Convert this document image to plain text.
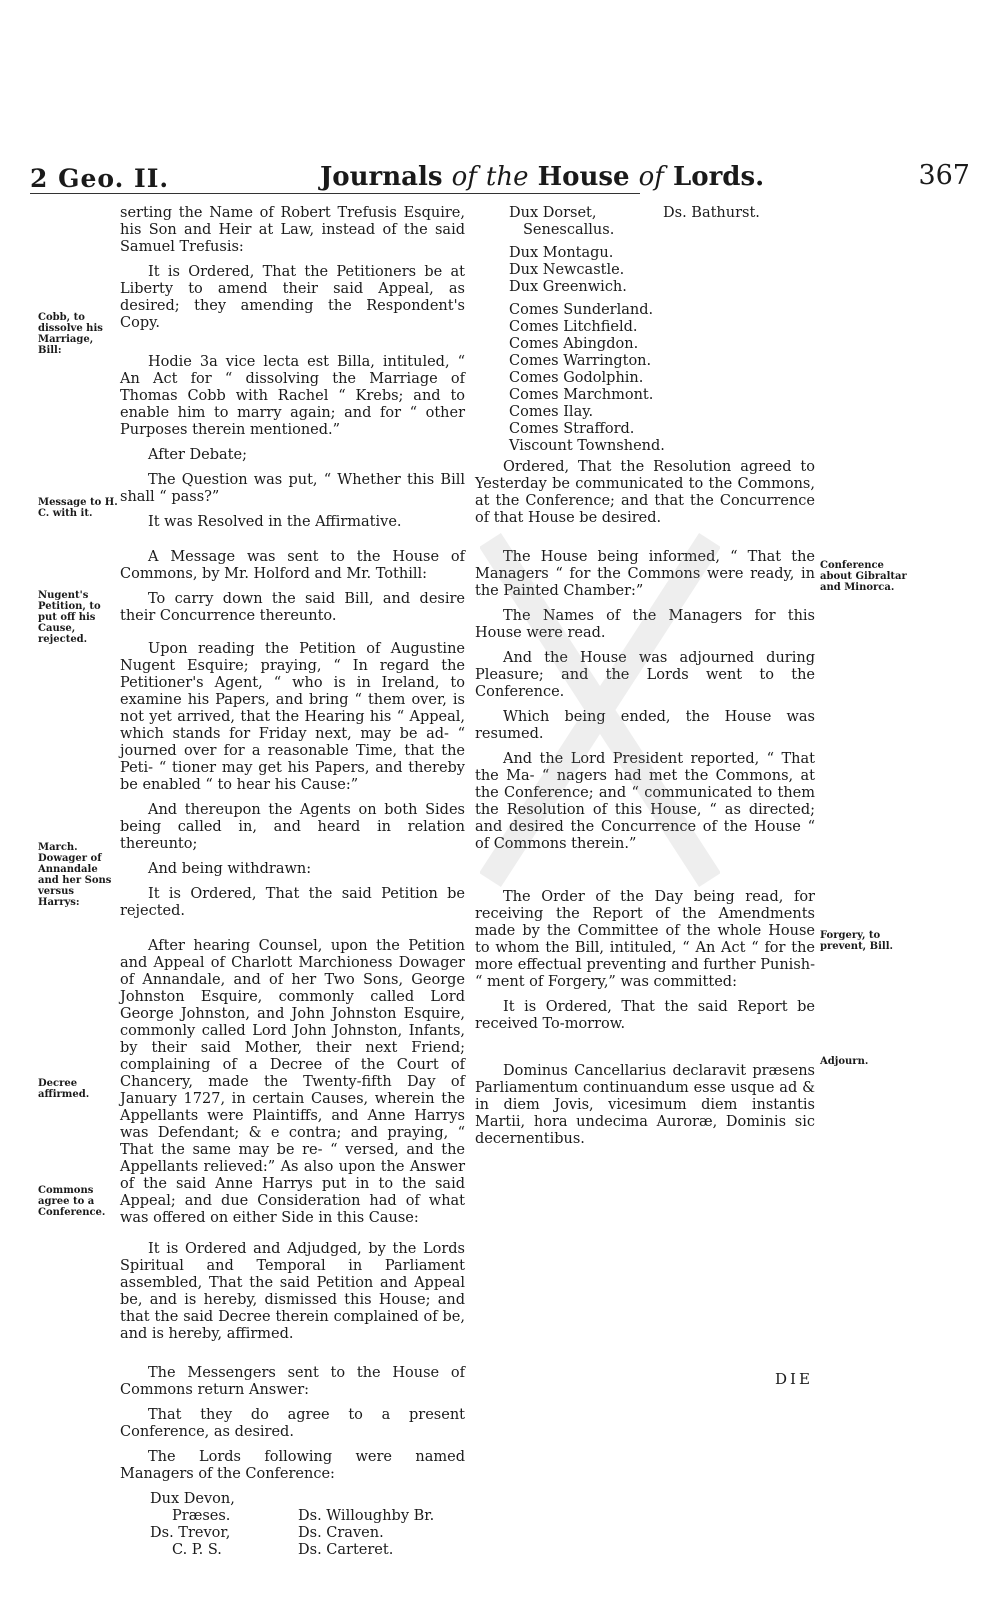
2 Geo. II.	Journals of the House of Lords.	367
Cobb, to dissolve his Marriage, Bill:
Message to H. C. with it.
Nugent's Petition, to put off his Cause, rejected.
March. Dowager of Annandale and her Sons versus Harrys:
Decree affirmed.
Commons agree to a Conference.
Conference about Gibraltar and Minorca.
Forgery, to prevent, Bill.
Adjourn.

serting the Name of Robert Trefusis Esquire, his Son and Heir at Law, instead of the said Samuel Trefusis:

It is Ordered, That the Petitioners be at Liberty to amend their said Appeal, as desired; they amending the Respondent's Copy.

Hodie 3a vice lecta est Billa, intituled, “ An Act for “ dissolving the Marriage of Thomas Cobb with Rachel “ Krebs; and to enable him to marry again; and for “ other Purposes therein mentioned.”

After Debate;

The Question was put, “ Whether this Bill shall “ pass?”

It was Resolved in the Affirmative.

A Message was sent to the House of Commons, by Mr. Holford and Mr. Tothill:

To carry down the said Bill, and desire their Concurrence thereunto.

Upon reading the Petition of Augustine Nugent Esquire; praying, “ In regard the Petitioner's Agent, “ who is in Ireland, to examine his Papers, and bring “ them over, is not yet arrived, that the Hearing his “ Appeal, which stands for Friday next, may be ad- “ journed over for a reasonable Time, that the Peti- “ tioner may get his Papers, and thereby be enabled “ to hear his Cause:”

And thereupon the Agents on both Sides being called in, and heard in relation thereunto;

And being withdrawn:

It is Ordered, That the said Petition be rejected.

After hearing Counsel, upon the Petition and Appeal of Charlott Marchioness Dowager of Annandale, and of her Two Sons, George Johnston Esquire, commonly called Lord George Johnston, and John Johnston Esquire, commonly called Lord John Johnston, Infants, by their said Mother, their next Friend; complaining of a Decree of the Court of Chancery, made the Twenty-fifth Day of January 1727, in certain Causes, wherein the Appellants were Plaintiffs, and Anne Harrys was Defendant; & e contra; and praying, “ That the same may be re- “ versed, and the Appellants relieved:” As also upon the Answer of the said Anne Harrys put in to the said Appeal; and due Consideration had of what was offered on either Side in this Cause:

It is Ordered and Adjudged, by the Lords Spiritual and Temporal in Parliament assembled, That the said Petition and Appeal be, and is hereby, dismissed this House; and that the said Decree therein complained of be, and is hereby, affirmed.

The Messengers sent to the House of Commons return Answer:

That they do agree to a present Conference, as desired.

The Lords following were named Managers of the Conference:

Dux Devon,
Præses.
Ds. Trevor,
C. P. S.
Ds. Willoughby Br.
Ds. Craven.
Ds. Carteret.
Dux Dorset,
Senescallus.
Dux Montagu.
Dux Newcastle.
Dux Greenwich.
Comes Sunderland.
Comes Litchfield.
Comes Abingdon.
Comes Warrington.
Comes Godolphin.
Comes Marchmont.
Comes Ilay.
Comes Strafford.
Viscount Townshend.
Ds. Bathurst.

Ordered, That the Resolution agreed to Yesterday be communicated to the Commons, at the Conference; and that the Concurrence of that House be desired.

The House being informed, “ That the Managers “ for the Commons were ready, in the Painted Chamber:”

The Names of the Managers for this House were read.

And the House was adjourned during Pleasure; and the Lords went to the Conference.

Which being ended, the House was resumed.

And the Lord President reported, “ That the Ma- “ nagers had met the Commons, at the Conference; and “ communicated to them the Resolution of this House, “ as directed; and desired the Concurrence of the House “ of Commons therein.”

The Order of the Day being read, for receiving the Report of the Amendments made by the Committee of the whole House to whom the Bill, intituled, “ An Act “ for the more effectual preventing and further Punish- “ ment of Forgery,” was committed:

It is Ordered, That the said Report be received To-morrow.

Dominus Cancellarius declaravit præsens Parliamentum continuandum esse usque ad & in diem Jovis, vicesimum diem instantis Martii, hora undecima Auroræ, Dominis sic decernentibus.

DIE
